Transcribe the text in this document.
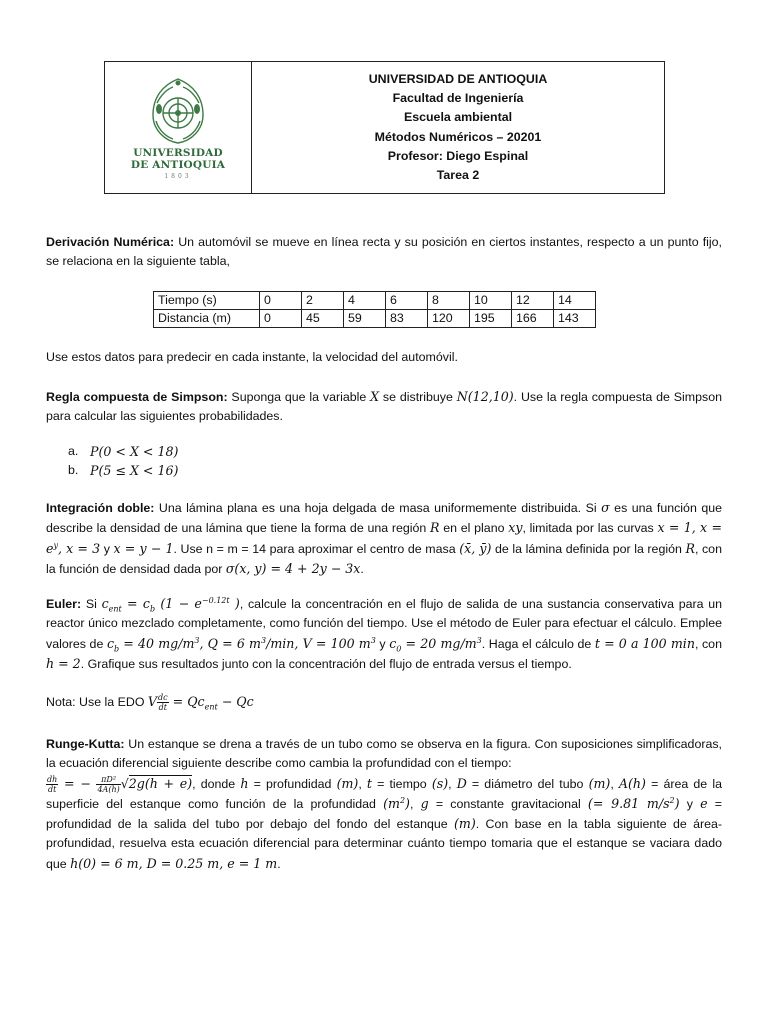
UNIVERSIDAD
DE ANTIOQUIA
1803
UNIVERSIDAD DE ANTIOQUIA
Facultad de Ingeniería
Escuela ambiental
Métodos Numéricos – 20201
Profesor: Diego Espinal
Tarea 2

Derivación Numérica: Un automóvil se mueve en línea recta y su posición en ciertos instantes, respecto a un punto fijo, se relaciona en la siguiente tabla,

Tiempo (s)	0	2	4	6	8	10	12	14
Distancia (m)	0	45	59	83	120	195	166	143

Use estos datos para predecir en cada instante, la velocidad del automóvil.

Regla compuesta de Simpson: Suponga que la variable X se distribuye N(12,10). Use la regla compuesta de Simpson para calcular las siguientes probabilidades.

a. P(0 < X < 18)
b. P(5 ≤ X < 16)

Integración doble: Una lámina plana es una hoja delgada de masa uniformemente distribuida. Si σ es una función que describe la densidad de una lámina que tiene la forma de una región R en el plano xy, limitada por las curvas x = 1, $x = e^y$, x = 3 y x = y − 1. Use n = m = 14 para aproximar el centro de masa (x̄, ȳ) de la lámina definida por la región R, con la función de densidad dada por σ(x, y) = 4 + 2y − 3x.

Euler: Si $c_{ent} = c_b$ ($1 - e^{-0.12t}$ ), calcule la concentración en el flujo de salida de una sustancia conservativa para un reactor único mezclado completamente, como función del tiempo. Use el método de Euler para efectuar el cálculo. Emplee valores de $c_b = 40$ $mg/m^3$, Q = 6 $m^3/\min$, V = 100 $m^3$ y $c_0 = 20$ $mg/m^3$. Haga el cálculo de t = 0 a 100 min, con h = 2. Grafique sus resultados junto con la concentración del flujo de entrada versus el tiempo.

Nota: Use la EDO V $\frac{dc}{dt} = Qc_{ent} - Qc$

Runge-Kutta: Un estanque se drena a través de un tubo como se observa en la figura. Con suposiciones simplificadoras, la ecuación diferencial siguiente describe como cambia la profundidad con el tiempo:

$\frac{dh}{dt}$ = − $\frac{\text{πD²}}{4A(h)} √2g(h + e)$, donde h = profundidad (m), t = tiempo (s), D = diámetro del tubo (m), A(h) = área de la superficie del estanque como función de la profundidad $(m^2)$, g = constante gravitacional (= 9.81 $m/s^2$) y e = profundidad de la salida del tubo por debajo del fondo del estanque (m). Con base en la tabla siguiente de área-profundidad, resuelva esta ecuación diferencial para determinar cuánto tiempo tomaria que el estanque se vaciara dado que h(0) = 6 m, D = 0.25 m, e = 1 m.
